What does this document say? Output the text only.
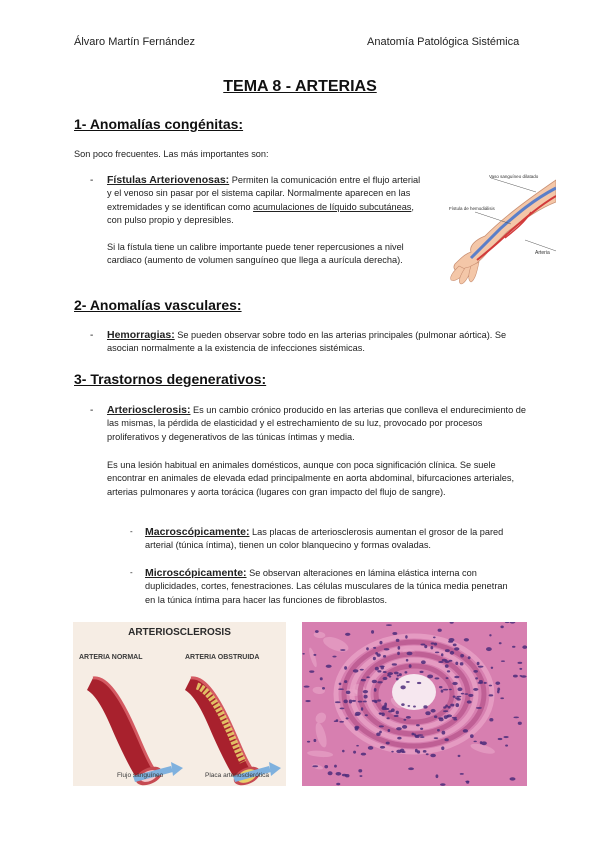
Álvaro Martín Fernández	Anatomía Patológica Sistémica
TEMA 8 - ARTERIAS
1- Anomalías congénitas:
Son poco frecuentes. Las más importantes son:
- Fístulas Arteriovenosas: Permiten la comunicación entre el flujo arterial y el venoso sin pasar por el sistema capilar. Normalmente aparecen en las extremidades y se identifican como acumulaciones de líquido subcutáneas, con pulso propio y depresibles.
Si la fístula tiene un calibre importante puede tener repercusiones a nivel cardiaco (aumento de volumen sanguíneo que llega a aurícula derecha).
Vaso sanguíneo dilatado
Fístula de hemodiálisis
Arteria
2- Anomalías vasculares:
- Hemorragias: Se pueden observar sobre todo en las arterias principales (pulmonar aórtica). Se asocian normalmente a la existencia de infecciones sistémicas.
3- Trastornos degenerativos:
- Arteriosclerosis: Es un cambio crónico producido en las arterias que conlleva el endurecimiento de las mismas, la pérdida de elasticidad y el estrechamiento de su luz, provocado por procesos proliferativos y degenerativos de las túnicas íntimas y media.
Es una lesión habitual en animales domésticos, aunque con poca significación clínica. Se suele encontrar en animales de elevada edad principalmente en aorta abdominal, bifurcaciones arteriales, arterias pulmonares y aorta torácica (lugares con gran impacto del flujo de sangre).
- Macroscópicamente: Las placas de arteriosclerosis aumentan el grosor de la pared arterial (túnica íntima), tienen un color blanquecino y formas ovaladas.
- Microscópicamente: Se observan alteraciones en lámina elástica interna con duplicidades, cortes, fenestraciones. Las células musculares de la túnica media penetran en la túnica íntima para hacer las funciones de fibroblastos.
ARTERIOSCLEROSIS
ARTERIA NORMAL	ARTERIA OBSTRUIDA
Flujo sanguíneo	Placa arteriosclerótica
